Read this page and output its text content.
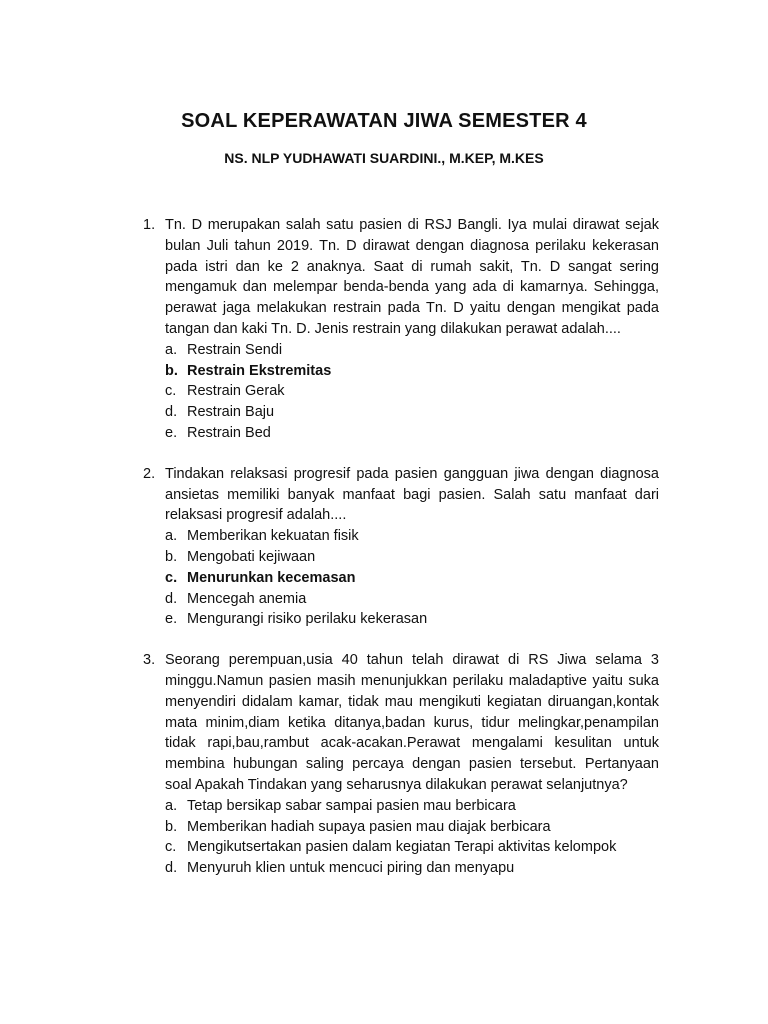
SOAL KEPERAWATAN JIWA SEMESTER 4
NS. NLP YUDHAWATI SUARDINI., M.KEP, M.KES
1. Tn. D merupakan salah satu pasien di RSJ Bangli. Iya mulai dirawat sejak bulan Juli tahun 2019. Tn. D dirawat dengan diagnosa perilaku kekerasan pada istri dan ke 2 anaknya. Saat di rumah sakit, Tn. D sangat sering mengamuk dan melempar benda-benda yang ada di kamarnya. Sehingga, perawat jaga melakukan restrain pada Tn. D yaitu dengan mengikat pada tangan dan kaki Tn. D. Jenis restrain yang dilakukan perawat adalah....
a. Restrain Sendi
b. Restrain Ekstremitas
c. Restrain Gerak
d. Restrain Baju
e. Restrain Bed
2. Tindakan relaksasi progresif pada pasien gangguan jiwa dengan diagnosa ansietas memiliki banyak manfaat bagi pasien. Salah satu manfaat dari relaksasi progresif adalah....
a. Memberikan kekuatan fisik
b. Mengobati kejiwaan
c. Menurunkan kecemasan
d. Mencegah anemia
e. Mengurangi risiko perilaku kekerasan
3. Seorang perempuan,usia 40 tahun telah dirawat di RS Jiwa selama 3 minggu.Namun pasien masih menunjukkan perilaku maladaptive yaitu suka menyendiri didalam kamar, tidak mau mengikuti kegiatan diruangan,kontak mata minim,diam ketika ditanya,badan kurus, tidur melingkar,penampilan tidak rapi,bau,rambut acak-acakan.Perawat mengalami kesulitan untuk membina hubungan saling percaya dengan pasien tersebut. Pertanyaan soal Apakah Tindakan yang seharusnya dilakukan perawat selanjutnya?
a. Tetap bersikap sabar sampai pasien mau berbicara
b. Memberikan hadiah supaya pasien mau diajak berbicara
c. Mengikutsertakan pasien dalam kegiatan Terapi aktivitas kelompok
d. Menyuruh klien untuk mencuci piring dan menyapu
